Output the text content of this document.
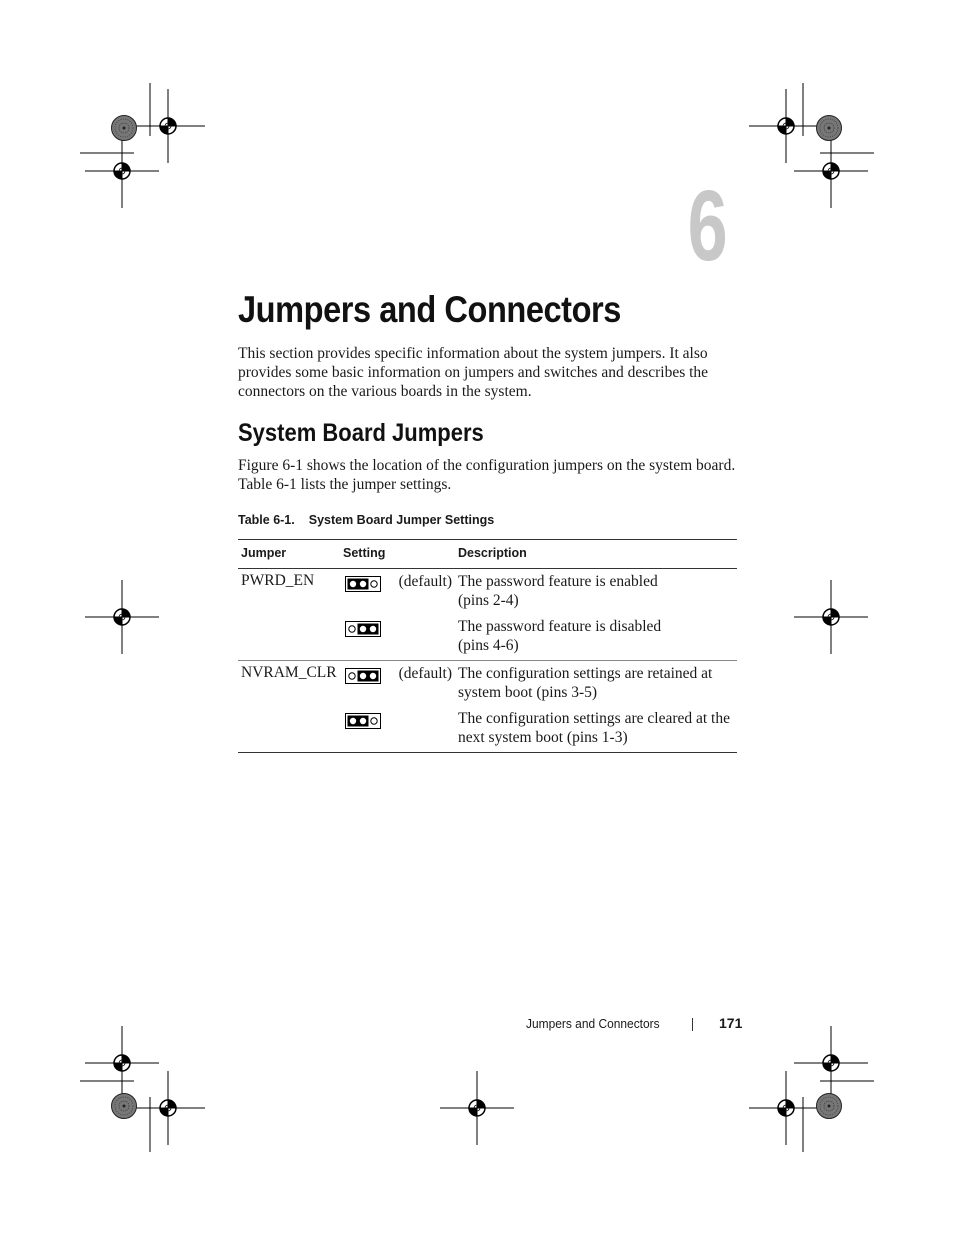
6
Jumpers and Connectors

This section provides specific information about the system jumpers. It also provides some basic information on jumpers and switches and describes the connectors on the various boards in the system.

System Board Jumpers

Figure 6-1 shows the location of the configuration jumpers on the system board. Table 6-1 lists the jumper settings.

Table 6-1. System Board Jumper Settings

Jumper	Setting	Description
PWRD_EN	(default)	The password feature is enabled
(pins 2-4)

The password feature is disabled
(pins 4-6)

NVRAM_CLR	(default)	The configuration settings are retained at
system boot (pins 3-5)

The configuration settings are cleared at the
next system boot (pins 1-3)

Jumpers and Connectors	171
